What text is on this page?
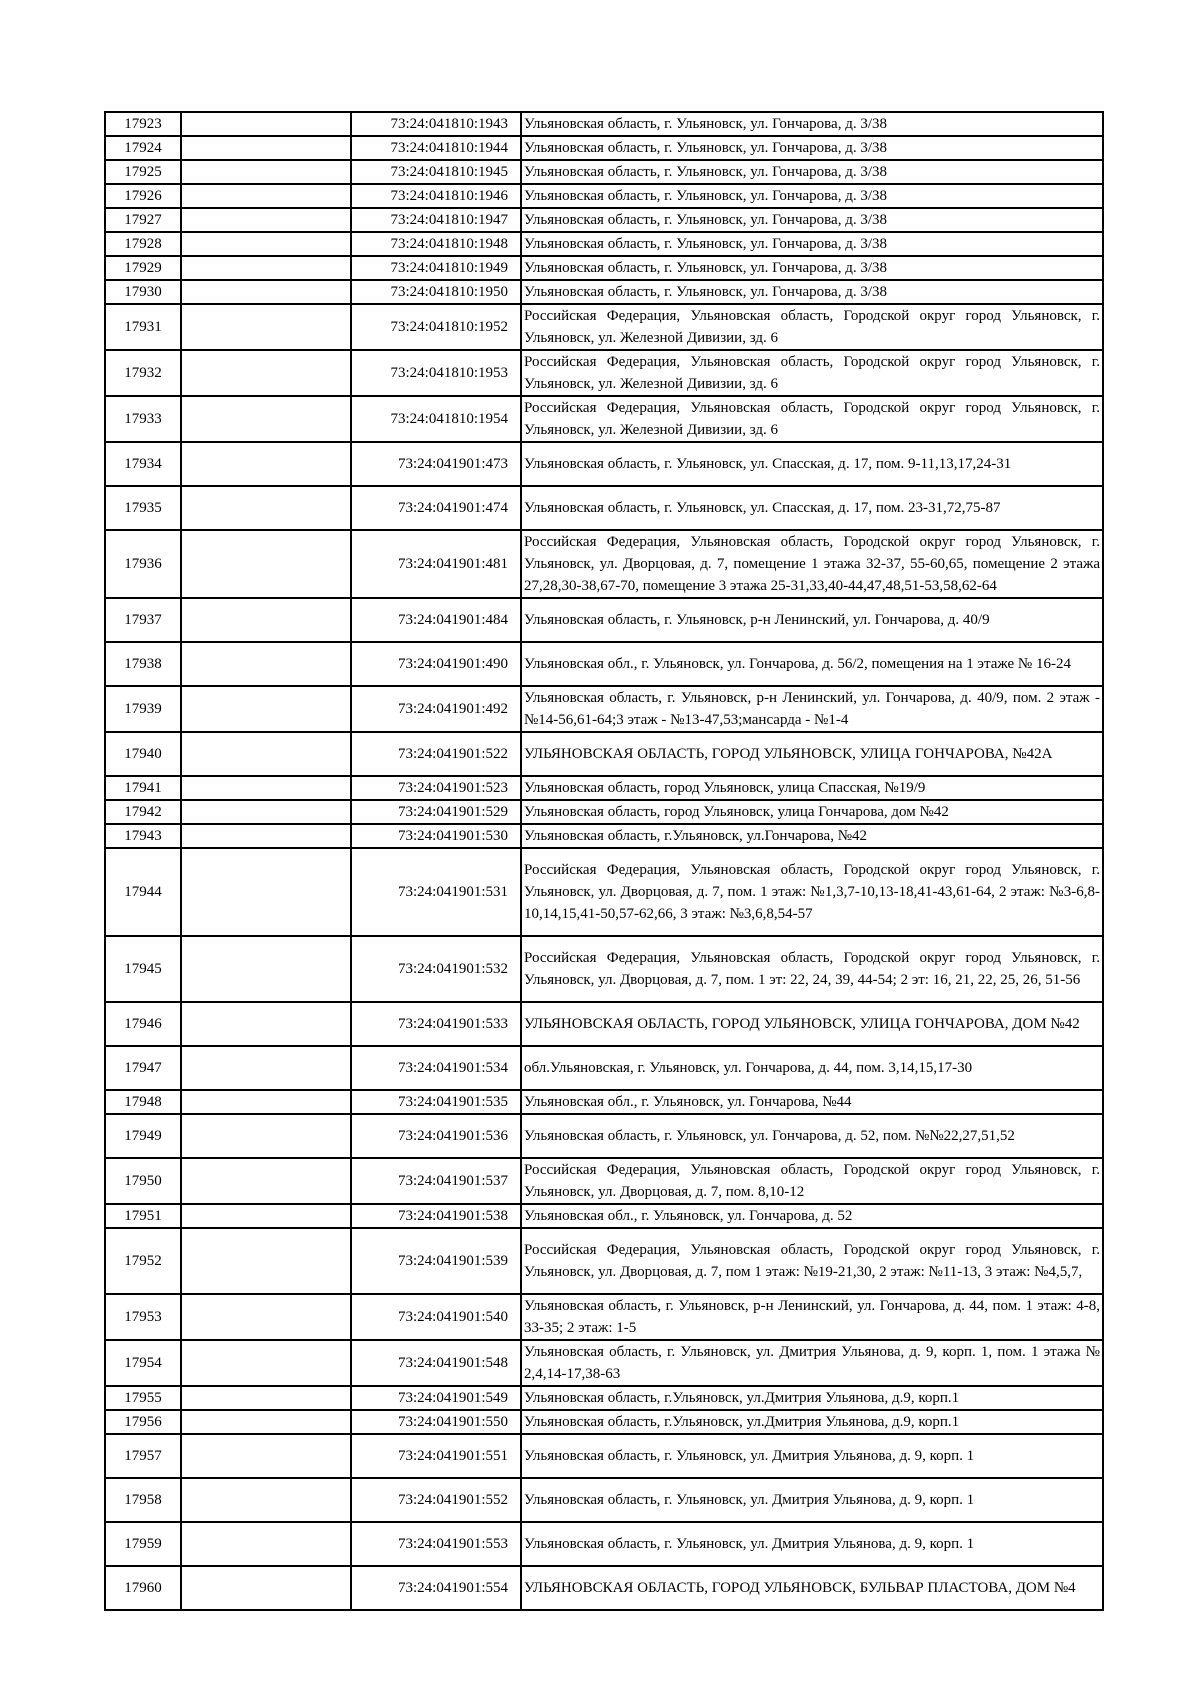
17923		73:24:041810:1943	Ульяновская область, г. Ульяновск, ул. Гончарова, д. 3/38
17924		73:24:041810:1944	Ульяновская область, г. Ульяновск, ул. Гончарова, д. 3/38
17925		73:24:041810:1945	Ульяновская область, г. Ульяновск, ул. Гончарова, д. 3/38
17926		73:24:041810:1946	Ульяновская область, г. Ульяновск, ул. Гончарова, д. 3/38
17927		73:24:041810:1947	Ульяновская область, г. Ульяновск, ул. Гончарова, д. 3/38
17928		73:24:041810:1948	Ульяновская область, г. Ульяновск, ул. Гончарова, д. 3/38
17929		73:24:041810:1949	Ульяновская область, г. Ульяновск, ул. Гончарова, д. 3/38
17930		73:24:041810:1950	Ульяновская область, г. Ульяновск, ул. Гончарова, д. 3/38
17931		73:24:041810:1952	Российская Федерация, Ульяновская область, Городской округ город Ульяновск, г. Ульяновск, ул. Железной Дивизии, зд. 6
17932		73:24:041810:1953	Российская Федерация, Ульяновская область, Городской округ город Ульяновск, г. Ульяновск, ул. Железной Дивизии, зд. 6
17933		73:24:041810:1954	Российская Федерация, Ульяновская область, Городской округ город Ульяновск, г. Ульяновск, ул. Железной Дивизии, зд. 6
17934		73:24:041901:473	Ульяновская область, г. Ульяновск, ул. Спасская, д. 17, пом. 9-11,13,17,24-31
17935		73:24:041901:474	Ульяновская область, г. Ульяновск, ул. Спасская, д. 17, пом. 23-31,72,75-87
17936		73:24:041901:481	Российская Федерация, Ульяновская область, Городской округ город Ульяновск, г. Ульяновск, ул. Дворцовая, д. 7, помещение 1 этажа 32-37, 55-60,65, помещение 2 этажа 27,28,30-38,67-70, помещение 3 этажа 25-31,33,40-44,47,48,51-53,58,62-64
17937		73:24:041901:484	Ульяновская область, г. Ульяновск, р-н Ленинский, ул. Гончарова, д. 40/9
17938		73:24:041901:490	Ульяновская обл., г. Ульяновск, ул. Гончарова, д. 56/2, помещения на 1 этаже № 16-24
17939		73:24:041901:492	Ульяновская область, г. Ульяновск, р-н Ленинский, ул. Гончарова, д. 40/9, пом. 2 этаж - №14-56,61-64;3 этаж - №13-47,53;мансарда - №1-4
17940		73:24:041901:522	УЛЬЯНОВСКАЯ ОБЛАСТЬ, ГОРОД УЛЬЯНОВСК, УЛИЦА ГОНЧАРОВА, №42А
17941		73:24:041901:523	Ульяновская область, город Ульяновск, улица Спасская, №19/9
17942		73:24:041901:529	Ульяновская область, город Ульяновск, улица Гончарова, дом №42
17943		73:24:041901:530	Ульяновская область, г.Ульяновск, ул.Гончарова, №42
17944		73:24:041901:531	Российская Федерация, Ульяновская область, Городской округ город Ульяновск, г. Ульяновск, ул. Дворцовая, д. 7, пом. 1 этаж: №1,3,7-10,13-18,41-43,61-64, 2 этаж: №3-6,8-10,14,15,41-50,57-62,66, 3 этаж: №3,6,8,54-57
17945		73:24:041901:532	Российская Федерация, Ульяновская область, Городской округ город Ульяновск, г. Ульяновск, ул. Дворцовая, д. 7, пом. 1 эт: 22, 24, 39, 44-54; 2 эт: 16, 21, 22, 25, 26, 51-56
17946		73:24:041901:533	УЛЬЯНОВСКАЯ ОБЛАСТЬ, ГОРОД УЛЬЯНОВСК, УЛИЦА ГОНЧАРОВА, ДОМ №42
17947		73:24:041901:534	обл.Ульяновская, г. Ульяновск, ул. Гончарова, д. 44, пом. 3,14,15,17-30
17948		73:24:041901:535	Ульяновская обл., г. Ульяновск, ул. Гончарова, №44
17949		73:24:041901:536	Ульяновская область, г. Ульяновск, ул. Гончарова, д. 52, пом. №№22,27,51,52
17950		73:24:041901:537	Российская Федерация, Ульяновская область, Городской округ город Ульяновск, г. Ульяновск, ул. Дворцовая, д. 7, пом. 8,10-12
17951		73:24:041901:538	Ульяновская обл., г. Ульяновск, ул. Гончарова, д. 52
17952		73:24:041901:539	Российская Федерация, Ульяновская область, Городской округ город Ульяновск, г. Ульяновск, ул. Дворцовая, д. 7, пом 1 этаж: №19-21,30, 2 этаж: №11-13, 3 этаж: №4,5,7,
17953		73:24:041901:540	Ульяновская область, г. Ульяновск, р-н Ленинский, ул. Гончарова, д. 44, пом. 1 этаж: 4-8, 33-35; 2 этаж: 1-5
17954		73:24:041901:548	Ульяновская область, г. Ульяновск, ул. Дмитрия Ульянова, д. 9, корп. 1, пом. 1 этажа № 2,4,14-17,38-63
17955		73:24:041901:549	Ульяновская область, г.Ульяновск, ул.Дмитрия Ульянова, д.9, корп.1
17956		73:24:041901:550	Ульяновская область, г.Ульяновск, ул.Дмитрия Ульянова, д.9, корп.1
17957		73:24:041901:551	Ульяновская область, г. Ульяновск, ул. Дмитрия Ульянова, д. 9, корп. 1
17958		73:24:041901:552	Ульяновская область, г. Ульяновск, ул. Дмитрия Ульянова, д. 9, корп. 1
17959		73:24:041901:553	Ульяновская область, г. Ульяновск, ул. Дмитрия Ульянова, д. 9, корп. 1
17960		73:24:041901:554	УЛЬЯНОВСКАЯ ОБЛАСТЬ, ГОРОД УЛЬЯНОВСК, БУЛЬВАР ПЛАСТОВА, ДОМ №4
